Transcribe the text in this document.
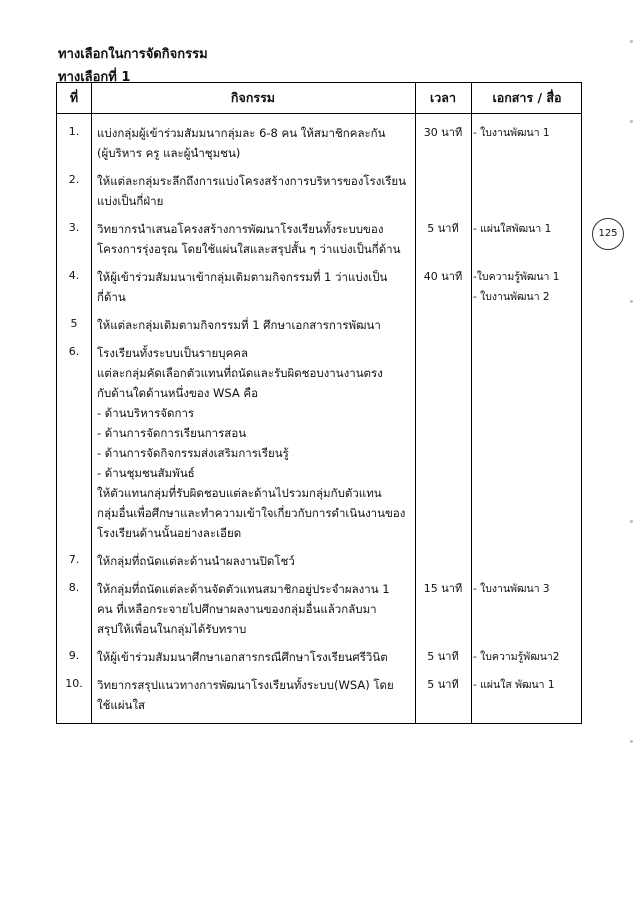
ทางเลือกในการจัดกิจกรรม
ทางเลือกที่ 1
125
ที่	กิจกรรม	เวลา	เอกสาร / สื่อ
1.	แบ่งกลุ่มผู้เข้าร่วมสัมมนากลุ่มละ 6-8 คน ให้สมาชิกคละกัน
(ผู้บริหาร ครู และผู้นำชุมชน)
30 นาที	- ใบงานพัฒนา 1
2.	ให้แต่ละกลุ่มระลึกถึงการแบ่งโครงสร้างการบริหารของโรงเรียน
แบ่งเป็นกี่ฝ่าย
3.	วิทยากรนำเสนอโครงสร้างการพัฒนาโรงเรียนทั้งระบบของ
โครงการรุ่งอรุณ โดยใช้แผ่นใสและสรุปสั้น ๆ ว่าแบ่งเป็นกี่ด้าน
5 นาที	- แผ่นใสพัฒนา 1
4.	ให้ผู้เข้าร่วมสัมมนาเข้ากลุ่มเดิมตามกิจกรรมที่ 1 ว่าแบ่งเป็น
กี่ด้าน
40 นาที	-ใบความรู้พัฒนา 1
- ใบงานพัฒนา 2
5	ให้แต่ละกลุ่มเดิมตามกิจกรรมที่ 1 ศึกษาเอกสารการพัฒนา
6.	โรงเรียนทั้งระบบเป็นรายบุคคล
แต่ละกลุ่มคัดเลือกตัวแทนที่ถนัดและรับผิดชอบงานงานตรง
กับด้านใดด้านหนึ่งของ WSA คือ
- ด้านบริหารจัดการ
- ด้านการจัดการเรียนการสอน
- ด้านการจัดกิจกรรมส่งเสริมการเรียนรู้
- ด้านชุมชนสัมพันธ์
ให้ตัวแทนกลุ่มที่รับผิดชอบแต่ละด้านไปรวมกลุ่มกับตัวแทน
กลุ่มอื่นเพื่อศึกษาและทำความเข้าใจเกี่ยวกับการดำเนินงานของ
โรงเรียนด้านนั้นอย่างละเอียด
7.	ให้กลุ่มที่ถนัดแต่ละด้านนำผลงานปิดโชว์
8.	ให้กลุ่มที่ถนัดแต่ละด้านจัดตัวแทนสมาชิกอยู่ประจำผลงาน 1
คน ที่เหลือกระจายไปศึกษาผลงานของกลุ่มอื่นแล้วกลับมา
สรุปให้เพื่อนในกลุ่มได้รับทราบ
15 นาที	- ใบงานพัฒนา 3
9.	ให้ผู้เข้าร่วมสัมมนาศึกษาเอกสารกรณีศึกษาโรงเรียนศรีวินิต	5 นาที	- ใบความรู้พัฒนา2
10.	วิทยากรสรุปแนวทางการพัฒนาโรงเรียนทั้งระบบ(WSA) โดย
ใช้แผ่นใส
5 นาที	- แผ่นใส พัฒนา 1
